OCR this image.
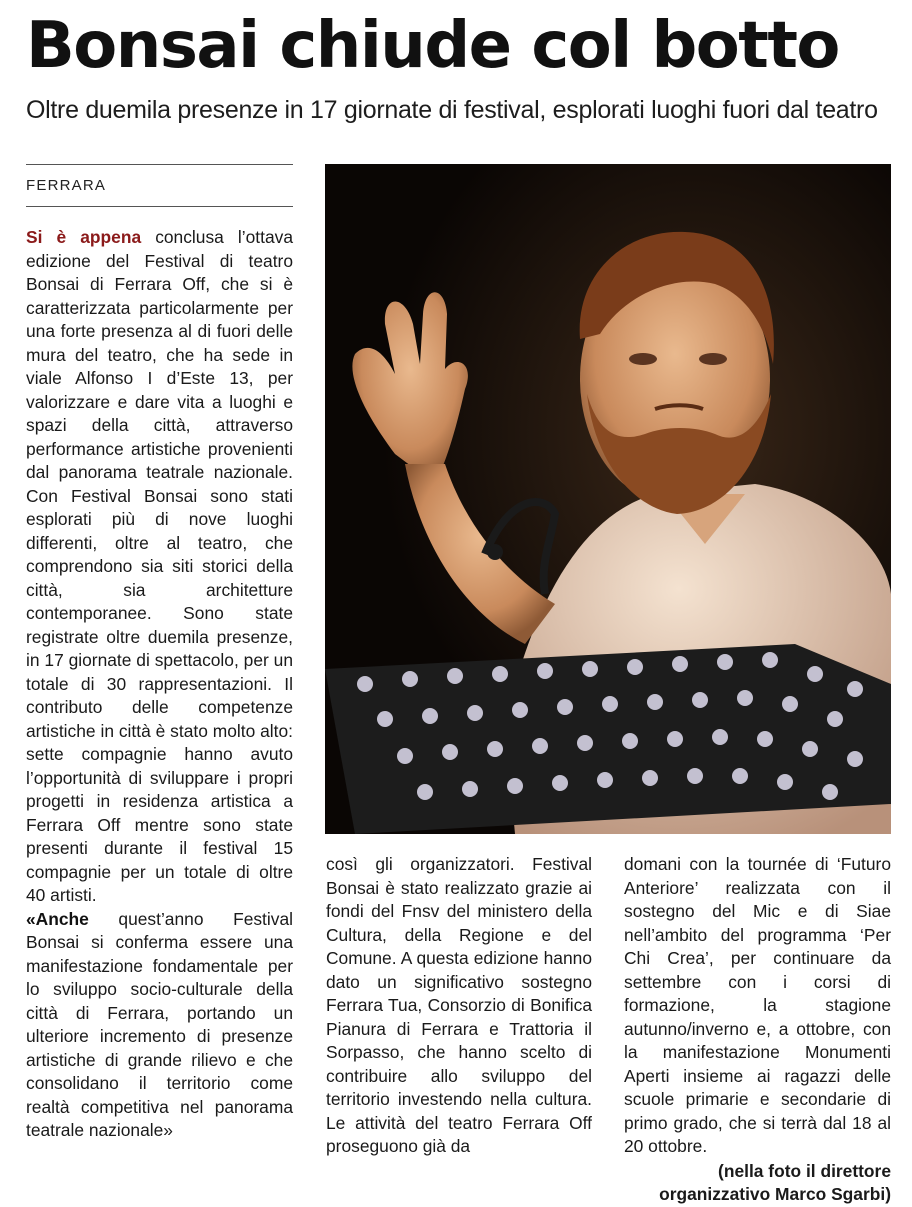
Bonsai chiude col botto
Oltre duemila presenze in 17 giornate di festival, esplorati luoghi fuori dal teatro
FERRARA

Si è appena conclusa l’ottava edizione del Festival di teatro Bonsai di Ferrara Off, che si è caratterizzata particolarmente per una forte presenza al di fuori delle mura del teatro, che ha sede in viale Alfonso I d’Este 13, per valorizzare e dare vita a luoghi e spazi della città, attraverso performance artistiche provenienti dal panorama teatrale nazionale. Con Festival Bonsai sono stati esplorati più di nove luoghi differenti, oltre al teatro, che comprendono sia siti storici della città, sia architetture contemporanee. Sono state registrate oltre duemila presenze, in 17 giornate di spettacolo, per un totale di 30 rappresentazioni. Il contributo delle competenze artistiche in città è stato molto alto: sette compagnie hanno avuto l’opportunità di sviluppare i propri progetti in residenza artistica a Ferrara Off mentre sono state presenti durante il festival 15 compagnie per un totale di oltre 40 artisti.

«Anche quest’anno Festival Bonsai si conferma essere una manifestazione fondamentale per lo sviluppo socio-culturale della città di Ferrara, portando un ulteriore incremento di presenze artistiche di grande rilievo e che consolidano il territorio come realtà competitiva nel panorama teatrale nazionale»

così gli organizzatori. Festival Bonsai è stato realizzato grazie ai fondi del Fnsv del ministero della Cultura, della Regione e del Comune. A questa edizione hanno dato un significativo sostegno Ferrara Tua, Consorzio di Bonifica Pianura di Ferrara e Trattoria il Sorpasso, che hanno scelto di contribuire allo sviluppo del territorio investendo nella cultura. Le attività del teatro Ferrara Off proseguono già da

domani con la tournée di ‘Futuro Anteriore’ realizzata con il sostegno del Mic e di Siae nell’ambito del programma ‘Per Chi Crea’, per continuare da settembre con i corsi di formazione, la stagione autunno/inverno e, a ottobre, con la manifestazione Monumenti Aperti insieme ai ragazzi delle scuole primarie e secondarie di primo grado, che si terrà dal 18 al 20 ottobre.

(nella foto il direttore organizzativo Marco Sgarbi)
